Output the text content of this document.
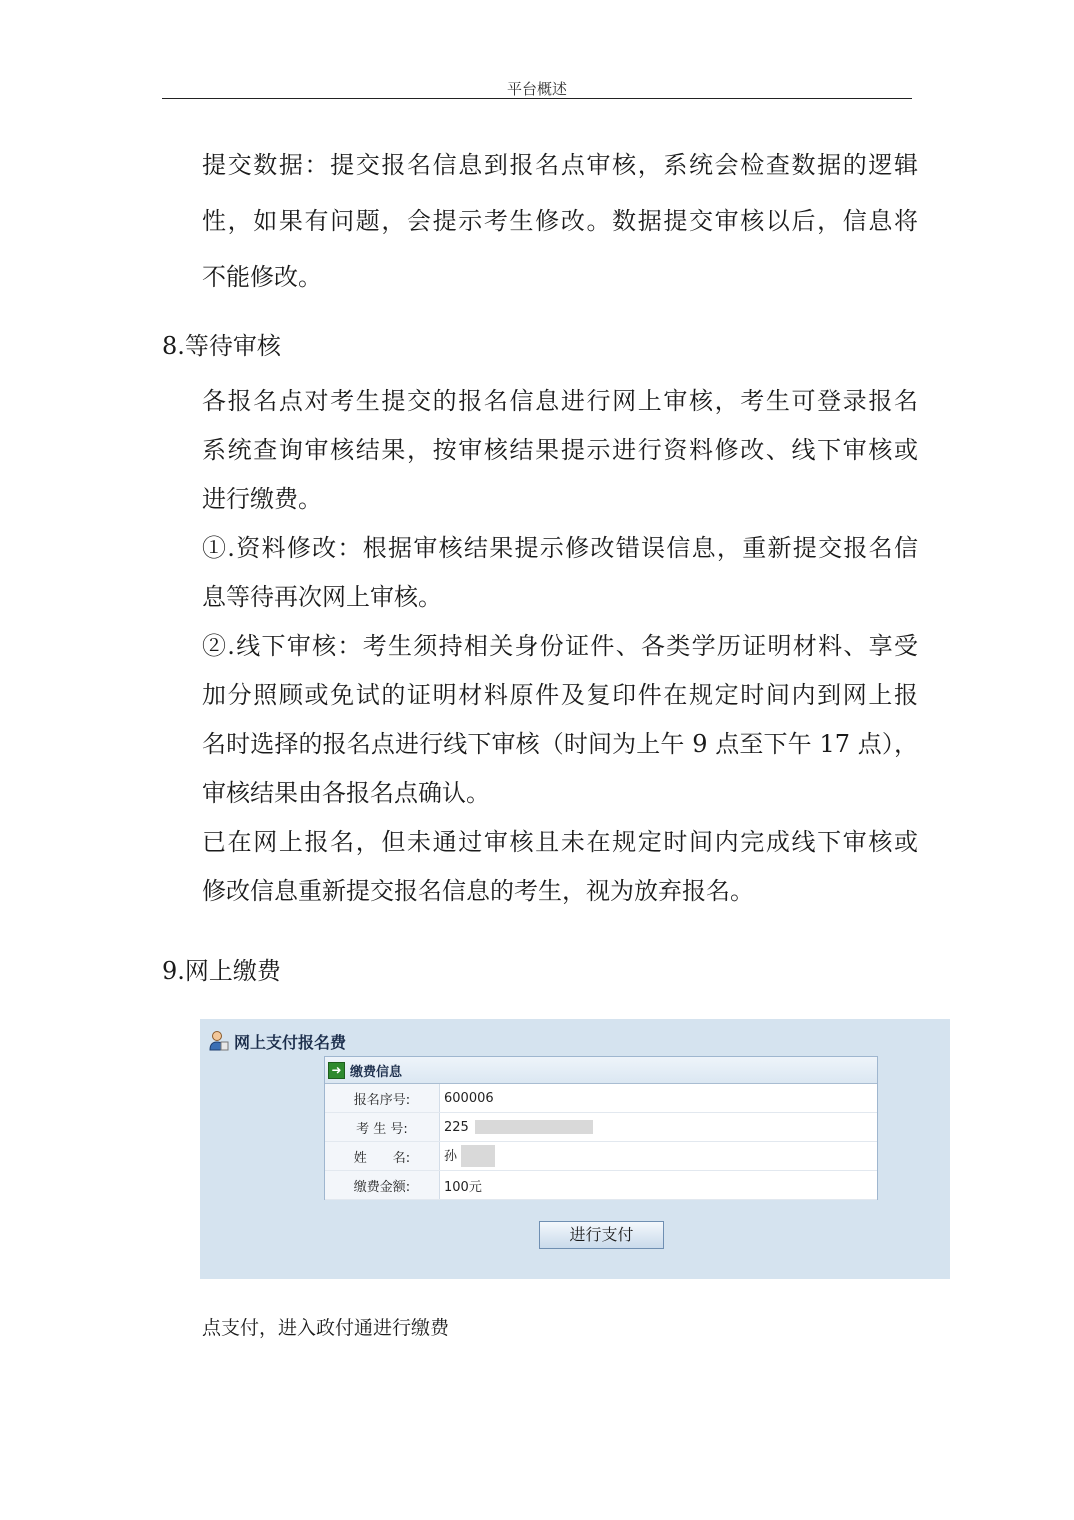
平台概述
提交数据：提交报名信息到报名点审核，系统会检查数据的逻辑
性，如果有问题，会提示考生修改。数据提交审核以后，信息将
不能修改。
8.等待审核
各报名点对考生提交的报名信息进行网上审核，考生可登录报名
系统查询审核结果，按审核结果提示进行资料修改、线下审核或
进行缴费。
①.资料修改：根据审核结果提示修改错误信息，重新提交报名信
息等待再次网上审核。
②.线下审核：考生须持相关身份证件、各类学历证明材料、享受
加分照顾或免试的证明材料原件及复印件在规定时间内到网上报
名时选择的报名点进行线下审核（时间为上午 9 点至下午 17 点），
审核结果由各报名点确认。
已在网上报名，但未通过审核且未在规定时间内完成线下审核或
修改信息重新提交报名信息的考生，视为放弃报名。
9.网上缴费
网上支付报名费
➜ 缴费信息
报名序号:	600006
考 生 号:	225
姓　　名:	孙
缴费金额:	100元
进行支付

点支付，进入政付通进行缴费
